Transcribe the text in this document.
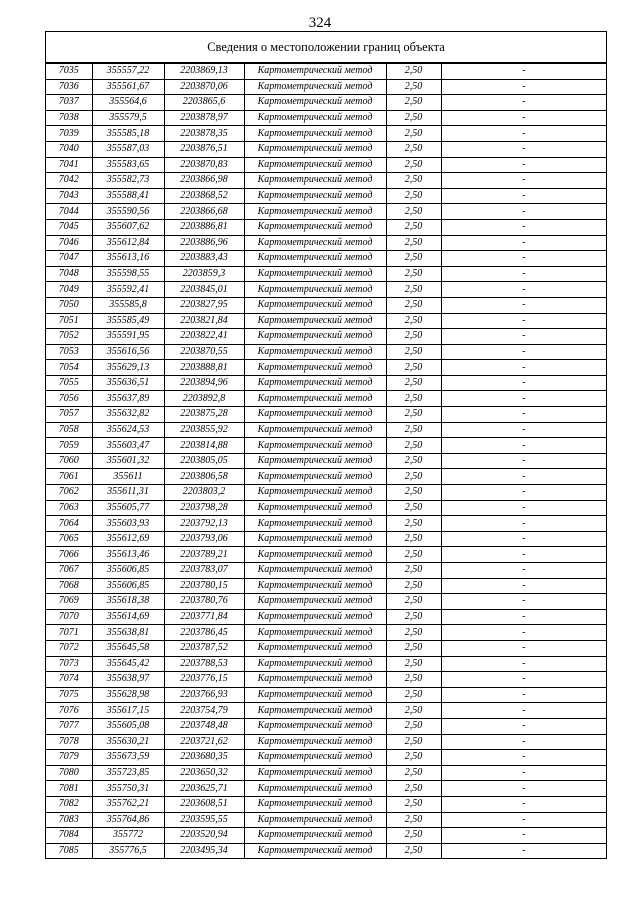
324
Сведения о местоположении границ объекта
7035	355557,22	2203869,13	Картометрический метод	2,50	-
7036	355561,67	2203870,06	Картометрический метод	2,50	-
7037	355564,6	2203865,6	Картометрический метод	2,50	-
7038	355579,5	2203878,97	Картометрический метод	2,50	-
7039	355585,18	2203878,35	Картометрический метод	2,50	-
7040	355587,03	2203876,51	Картометрический метод	2,50	-
7041	355583,65	2203870,83	Картометрический метод	2,50	-
7042	355582,73	2203866,98	Картометрический метод	2,50	-
7043	355588,41	2203868,52	Картометрический метод	2,50	-
7044	355590,56	2203866,68	Картометрический метод	2,50	-
7045	355607,62	2203886,81	Картометрический метод	2,50	-
7046	355612,84	2203886,96	Картометрический метод	2,50	-
7047	355613,16	2203883,43	Картометрический метод	2,50	-
7048	355598,55	2203859,3	Картометрический метод	2,50	-
7049	355592,41	2203845,01	Картометрический метод	2,50	-
7050	355585,8	2203827,95	Картометрический метод	2,50	-
7051	355585,49	2203821,84	Картометрический метод	2,50	-
7052	355591,95	2203822,41	Картометрический метод	2,50	-
7053	355616,56	2203870,55	Картометрический метод	2,50	-
7054	355629,13	2203888,81	Картометрический метод	2,50	-
7055	355636,51	2203894,96	Картометрический метод	2,50	-
7056	355637,89	2203892,8	Картометрический метод	2,50	-
7057	355632,82	2203875,28	Картометрический метод	2,50	-
7058	355624,53	2203855,92	Картометрический метод	2,50	-
7059	355603,47	2203814,88	Картометрический метод	2,50	-
7060	355601,32	2203805,05	Картометрический метод	2,50	-
7061	355611	2203806,58	Картометрический метод	2,50	-
7062	355611,31	2203803,2	Картометрический метод	2,50	-
7063	355605,77	2203798,28	Картометрический метод	2,50	-
7064	355603,93	2203792,13	Картометрический метод	2,50	-
7065	355612,69	2203793,06	Картометрический метод	2,50	-
7066	355613,46	2203789,21	Картометрический метод	2,50	-
7067	355606,85	2203783,07	Картометрический метод	2,50	-
7068	355606,85	2203780,15	Картометрический метод	2,50	-
7069	355618,38	2203780,76	Картометрический метод	2,50	-
7070	355614,69	2203771,84	Картометрический метод	2,50	-
7071	355638,81	2203786,45	Картометрический метод	2,50	-
7072	355645,58	2203787,52	Картометрический метод	2,50	-
7073	355645,42	2203788,53	Картометрический метод	2,50	-
7074	355638,97	2203776,15	Картометрический метод	2,50	-
7075	355628,98	2203766,93	Картометрический метод	2,50	-
7076	355617,15	2203754,79	Картометрический метод	2,50	-
7077	355605,08	2203748,48	Картометрический метод	2,50	-
7078	355630,21	2203721,62	Картометрический метод	2,50	-
7079	355673,59	2203680,35	Картометрический метод	2,50	-
7080	355723,85	2203650,32	Картометрический метод	2,50	-
7081	355750,31	2203625,71	Картометрический метод	2,50	-
7082	355762,21	2203608,51	Картометрический метод	2,50	-
7083	355764,86	2203595,55	Картометрический метод	2,50	-
7084	355772	2203520,94	Картометрический метод	2,50	-
7085	355776,5	2203495,34	Картометрический метод	2,50	-
